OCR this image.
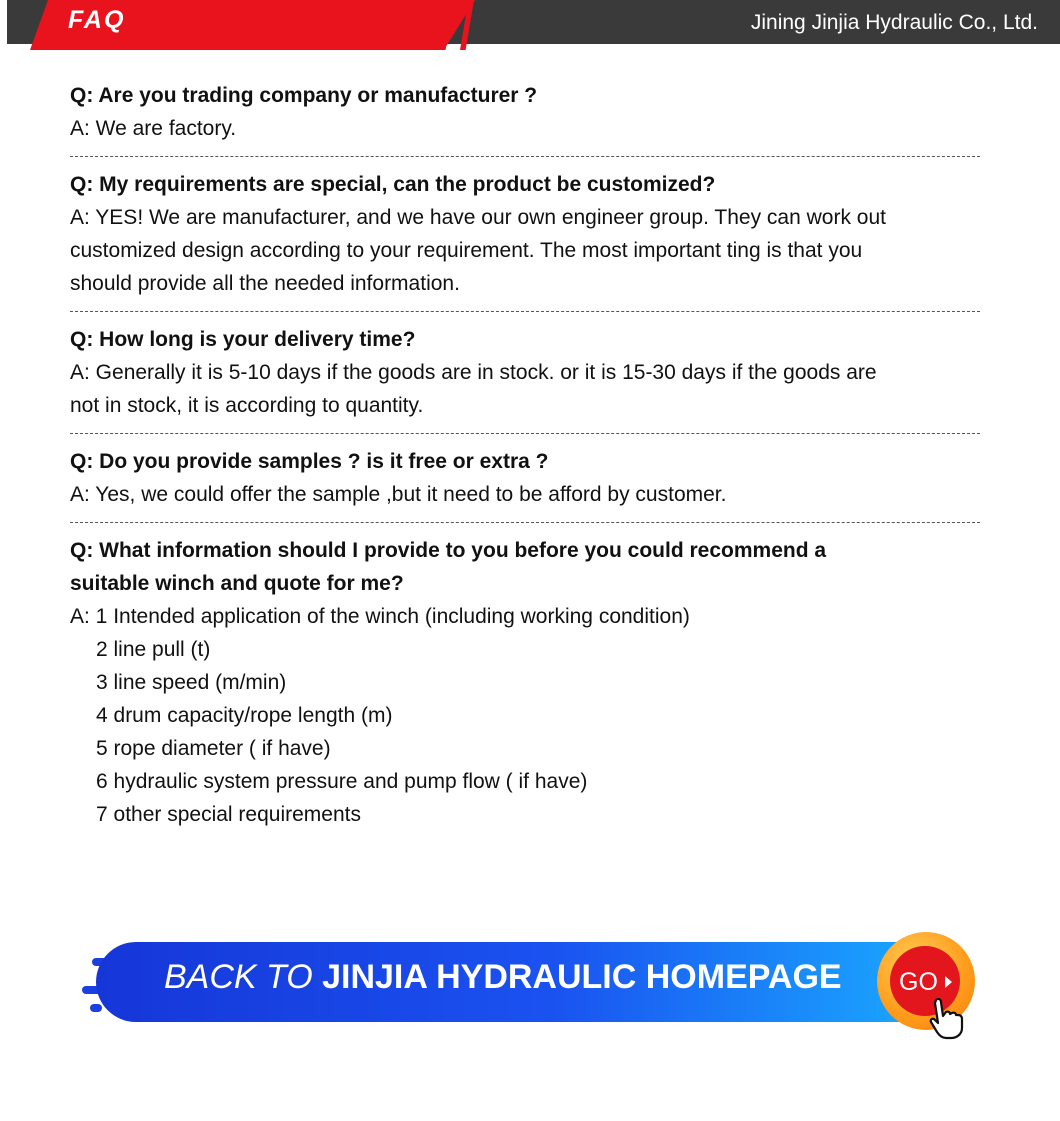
FAQ	Jining Jinjia Hydraulic Co., Ltd.

Q: Are you trading company or manufacturer ?

A: We are factory.

Q: My requirements are special, can the product be customized?

A: YES! We are manufacturer, and we have our own engineer group. They can work out

customized design according to your requirement. The most important ting is that you

should provide all the needed information.

Q: How long is your delivery time?

A: Generally it is 5-10 days if the goods are in stock. or it is 15-30 days if the goods are

not in stock, it is according to quantity.

Q: Do you provide samples ? is it free or extra ?

A: Yes, we could offer the sample ,but it need to be afford by customer.

Q: What information should I provide to you before you could recommend a

suitable winch and quote for me?

A: 1 Intended application of the winch (including working condition)

2 line pull (t)

3 line speed (m/min)

4 drum capacity/rope length (m)

5 rope diameter ( if have)

6 hydraulic system pressure and pump flow ( if have)

7 other special requirements

BACK TO JINJIA HYDRAULIC HOMEPAGE GO
